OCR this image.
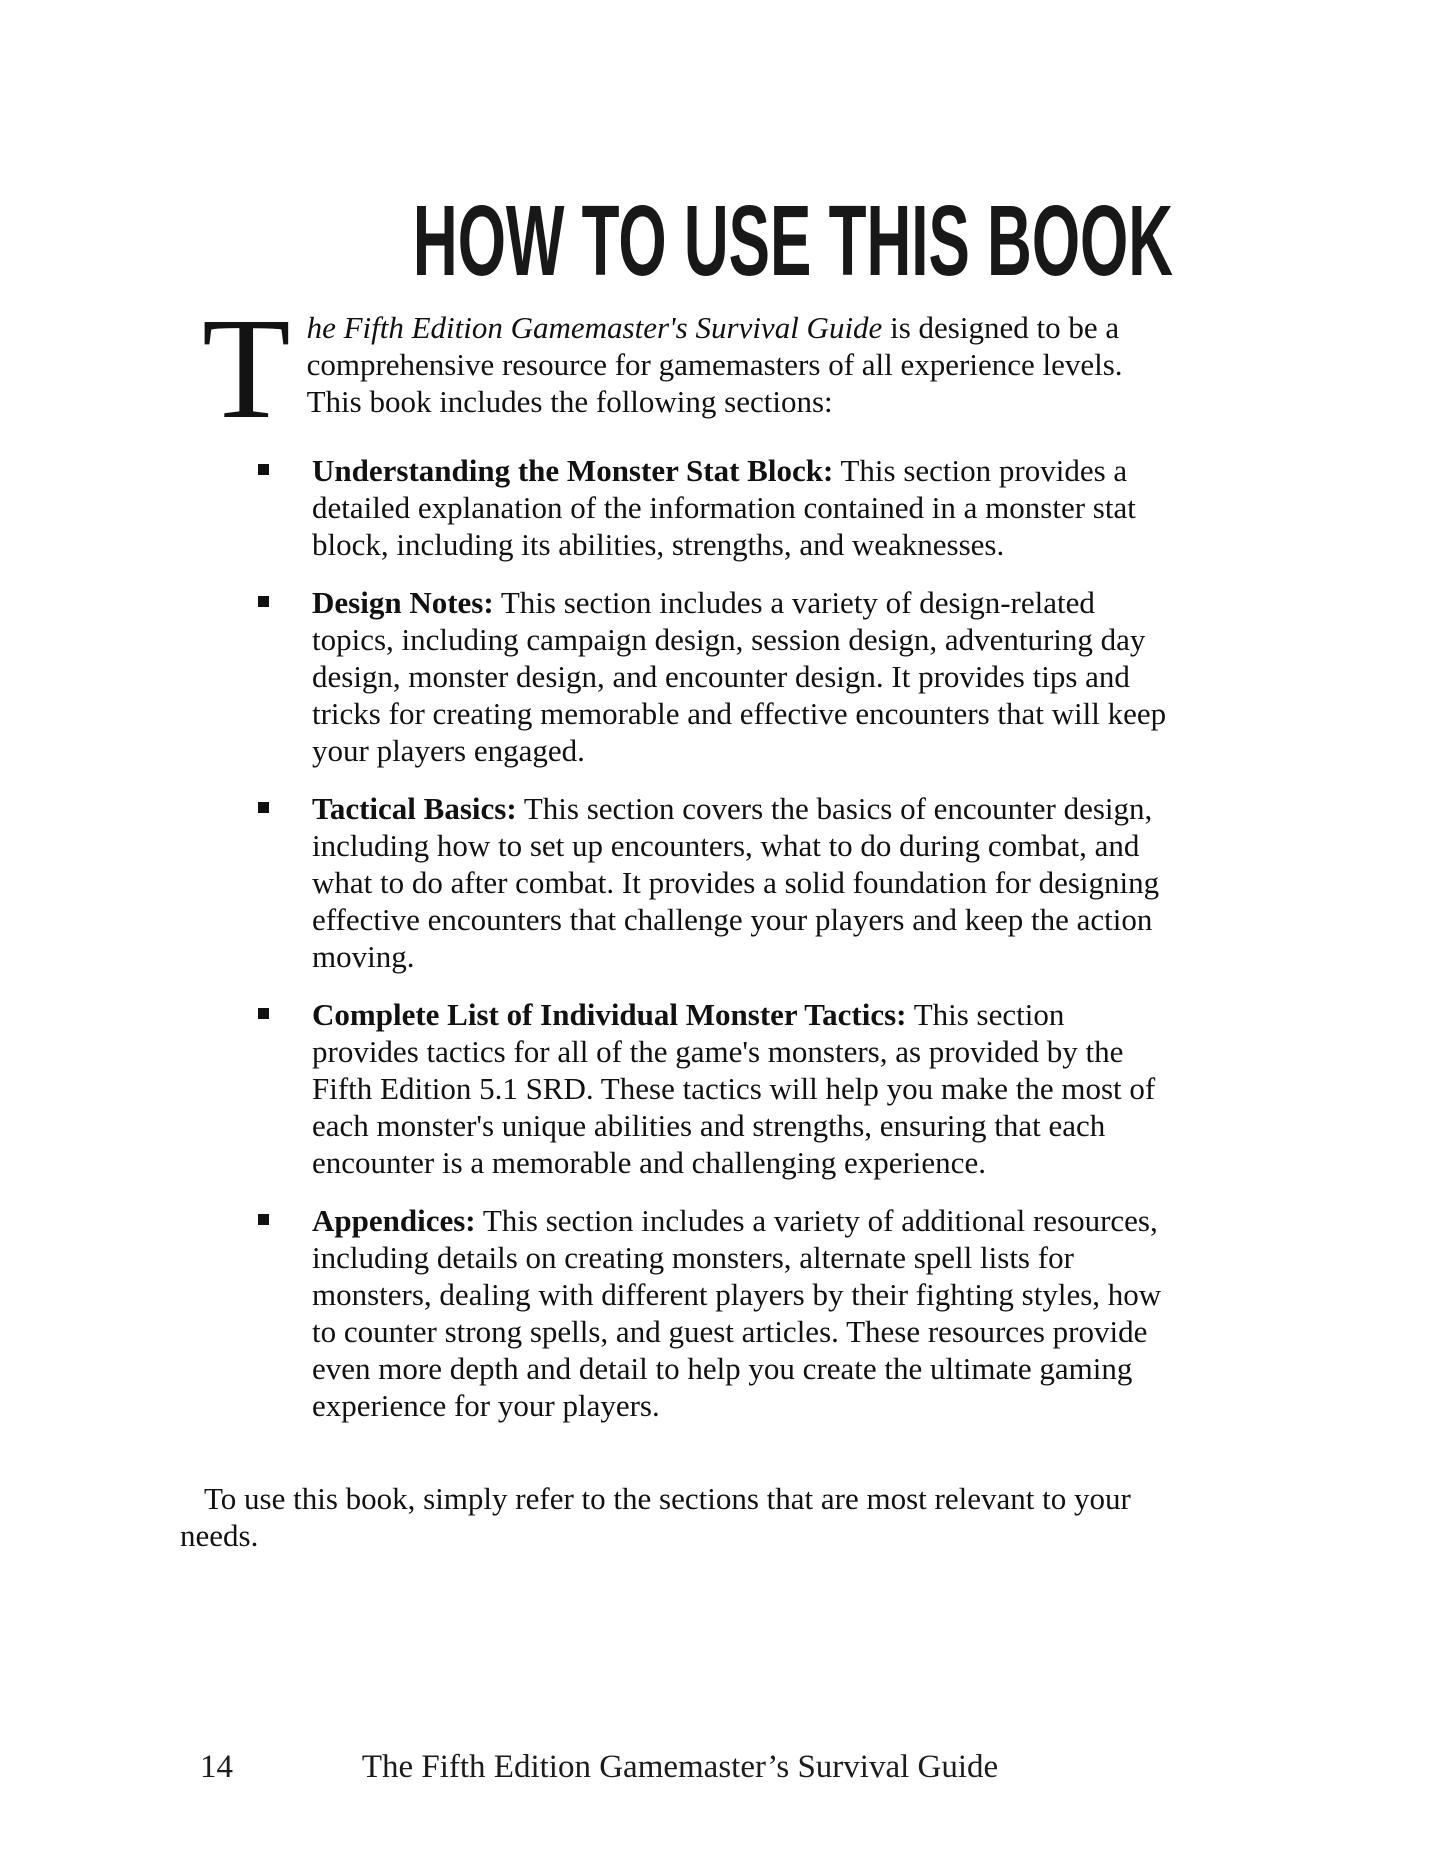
HOW TO USE THIS BOOK

The Fifth Edition Gamemaster's Survival Guide is designed to be a comprehensive resource for gamemasters of all experience levels. This book includes the following sections:

Understanding the Monster Stat Block: This section provides a detailed explanation of the information contained in a monster stat block, including its abilities, strengths, and weaknesses.
Design Notes: This section includes a variety of design-related topics, including campaign design, session design, adventuring day design, monster design, and encounter design. It provides tips and tricks for creating memorable and effective encounters that will keep your players engaged.
Tactical Basics: This section covers the basics of encounter design, including how to set up encounters, what to do during combat, and what to do after combat. It provides a solid foundation for designing effective encounters that challenge your players and keep the action moving.
Complete List of Individual Monster Tactics: This section provides tactics for all of the game's monsters, as provided by the Fifth Edition 5.1 SRD. These tactics will help you make the most of each monster's unique abilities and strengths, ensuring that each encounter is a memorable and challenging experience.
Appendices: This section includes a variety of additional resources, including details on creating monsters, alternate spell lists for monsters, dealing with different players by their fighting styles, how to counter strong spells, and guest articles. These resources provide even more depth and detail to help you create the ultimate gaming experience for your players.

To use this book, simply refer to the sections that are most relevant to your needs.

14	The Fifth Edition Gamemaster’s Survival Guide
